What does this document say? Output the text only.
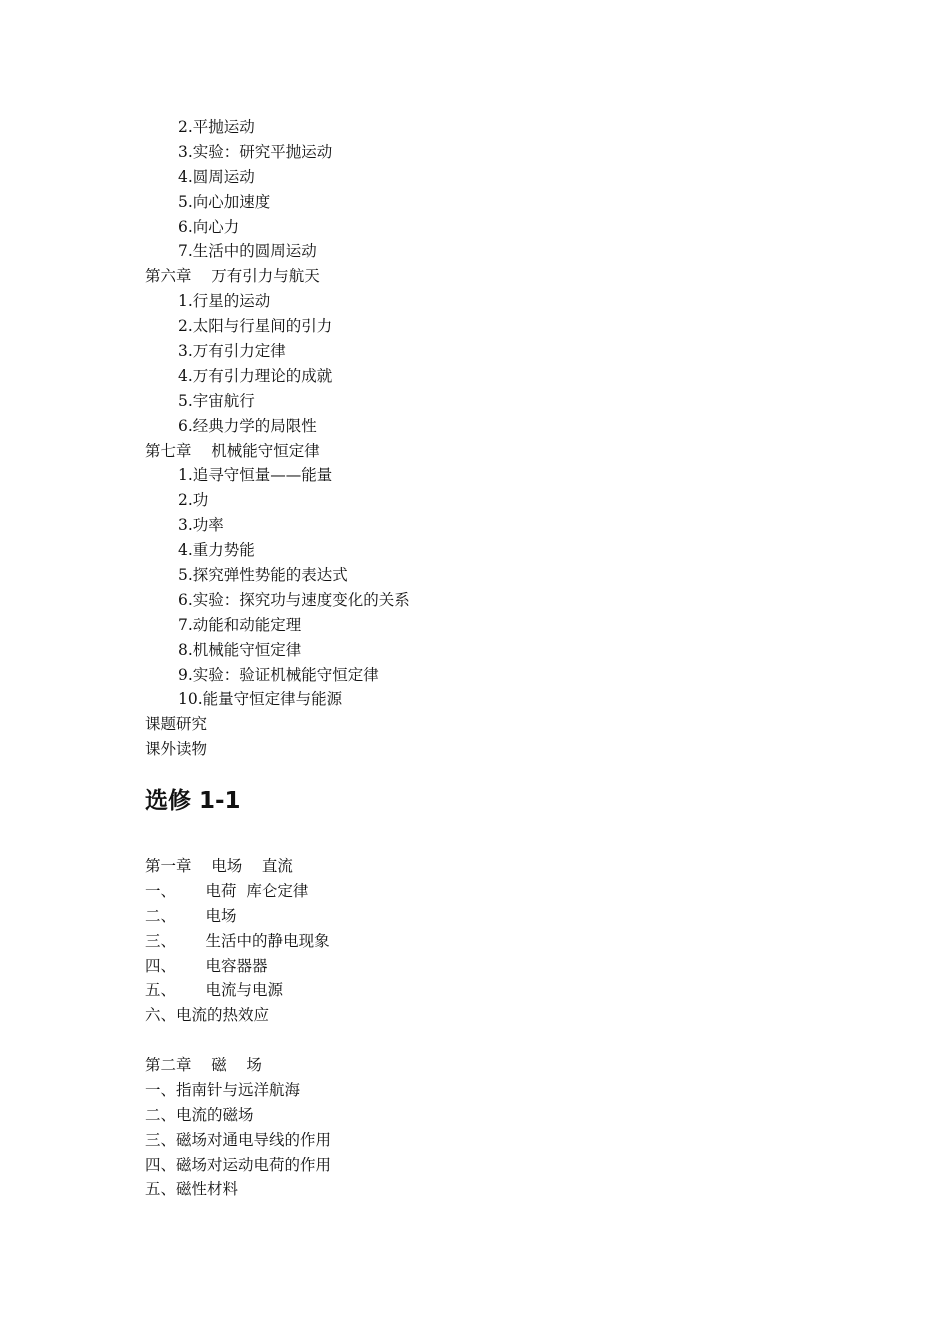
2.平抛运动
3.实验：研究平抛运动
4.圆周运动
5.向心加速度
6.向心力
7.生活中的圆周运动
第六章    万有引力与航天
1.行星的运动
2.太阳与行星间的引力
3.万有引力定律
4.万有引力理论的成就
5.宇宙航行
6.经典力学的局限性
第七章    机械能守恒定律
1.追寻守恒量——能量
2.功
3.功率
4.重力势能
5.探究弹性势能的表达式
6.实验：探究功与速度变化的关系
7.动能和动能定理
8.机械能守恒定律
9.实验：验证机械能守恒定律
10.能量守恒定律与能源
课题研究
课外读物
选修 1-1
第一章    电场    直流
一、      电荷  库仑定律
二、      电场
三、      生活中的静电现象
四、      电容器器
五、      电流与电源
六、电流的热效应
第二章    磁    场
一、指南针与远洋航海
二、电流的磁场
三、磁场对通电导线的作用
四、磁场对运动电荷的作用
五、磁性材料
